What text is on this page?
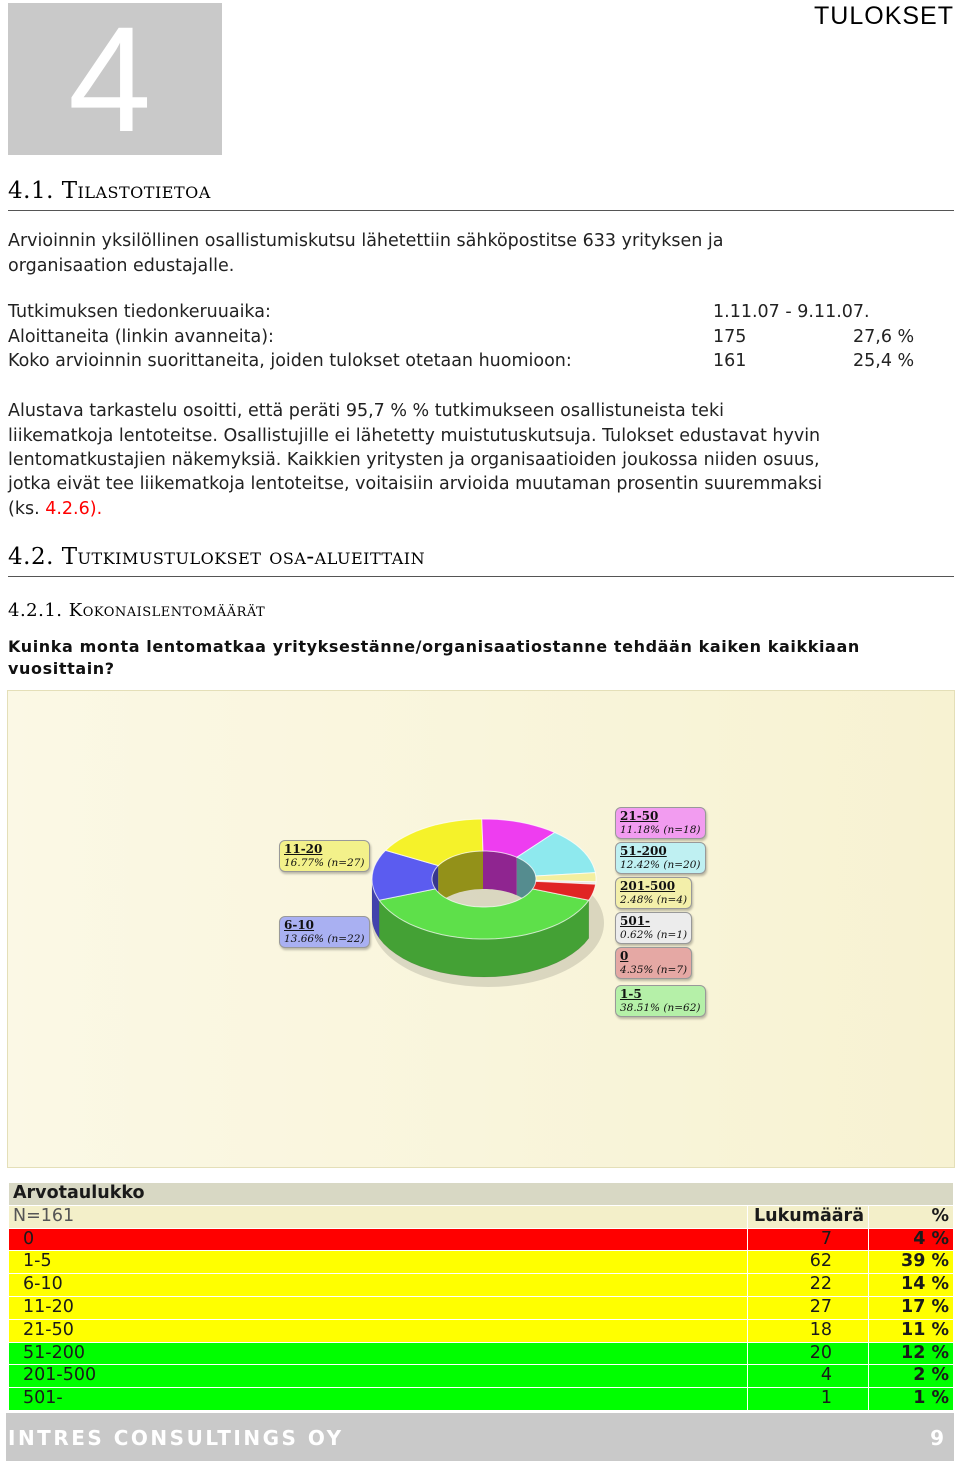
4	TULOKSET
4.1. Tilastotietoa
Arvioinnin yksilöllinen osallistumiskutsu lähetettiin sähköpostitse 633 yrityksen ja
organisaation edustajalle.
Tutkimuksen tiedonkeruuaika:	1.11.07 - 9.11.07.
Aloittaneita (linkin avanneita):	175	27,6 %
Koko arvioinnin suorittaneita, joiden tulokset otetaan huomioon:	161	25,4 %
Alustava tarkastelu osoitti, että peräti 95,7 % % tutkimukseen osallistuneista teki
liikematkoja lentoteitse. Osallistujille ei lähetetty muistutuskutsuja. Tulokset edustavat hyvin
lentomatkustajien näkemyksiä. Kaikkien yritysten ja organisaatioiden joukossa niiden osuus,
jotka eivät tee liikematkoja lentoteitse, voitaisiin arvioida muutaman prosentin suuremmaksi
(ks. 4.2.6).
4.2. Tutkimustulokset osa-alueittain
4.2.1. Kokonaislentomäärät
Kuinka monta lentomatkaa yrityksestänne/organisaatiostanne tehdään kaiken kaikkiaan vuosittain?
11-20
16.77% (n=27)
6-10
13.66% (n=22)
21-50
11.18% (n=18)
51-200
12.42% (n=20)
201-500
2.48% (n=4)
501-
0.62% (n=1)
0
4.35% (n=7)
1-5
38.51% (n=62)
Arvotaulukko		
N=161	Lukumäärä	%
0	7	4 %
1-5	62	39 %
6-10	22	14 %
11-20	27	17 %
21-50	18	11 %
51-200	20	12 %
201-500	4	2 %
501-	1	1 %
INTRES CONSULTINGS OY	9
